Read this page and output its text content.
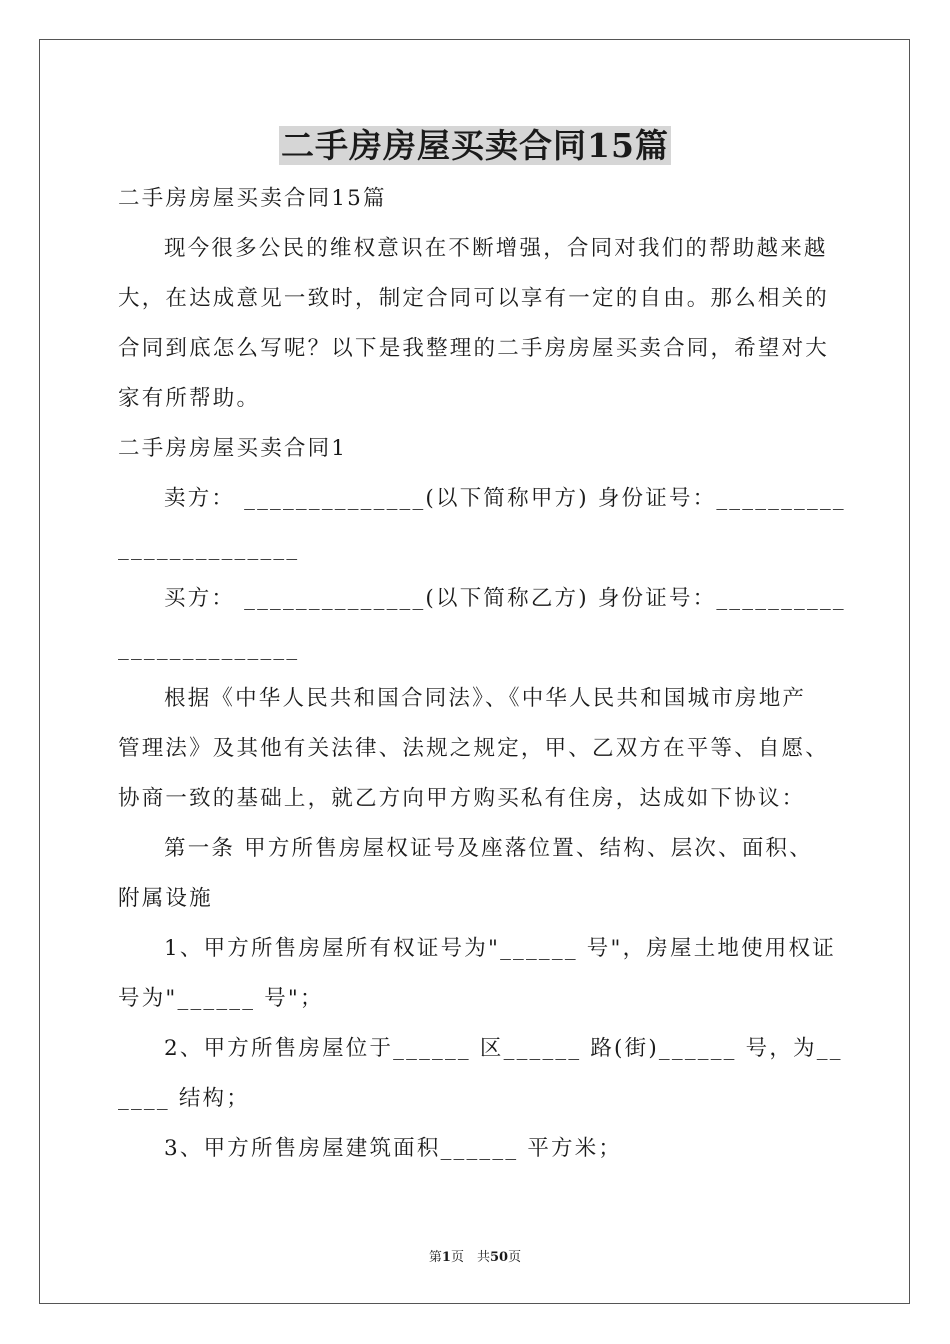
二手房房屋买卖合同15篇
二手房房屋买卖合同15篇
现今很多公民的维权意识在不断增强，合同对我们的帮助越来越
大，在达成意见一致时，制定合同可以享有一定的自由。那么相关的
合同到底怎么写呢？以下是我整理的二手房房屋买卖合同，希望对大
家有所帮助。
二手房房屋买卖合同1
卖方： ______________(以下简称甲方) 身份证号：__________
______________
买方： ______________(以下简称乙方) 身份证号：__________
______________
根据《中华人民共和国合同法》、《中华人民共和国城市房地产
管理法》及其他有关法律、法规之规定，甲、乙双方在平等、自愿、
协商一致的基础上，就乙方向甲方购买私有住房，达成如下协议：
第一条 甲方所售房屋权证号及座落位置、结构、层次、面积、
附属设施
1、甲方所售房屋所有权证号为"______ 号"，房屋土地使用权证
号为"______ 号"；
2、甲方所售房屋位于______ 区______ 路(街)______ 号，为__
____ 结构；
3、甲方所售房屋建筑面积______ 平方米；
第1页　共50页
